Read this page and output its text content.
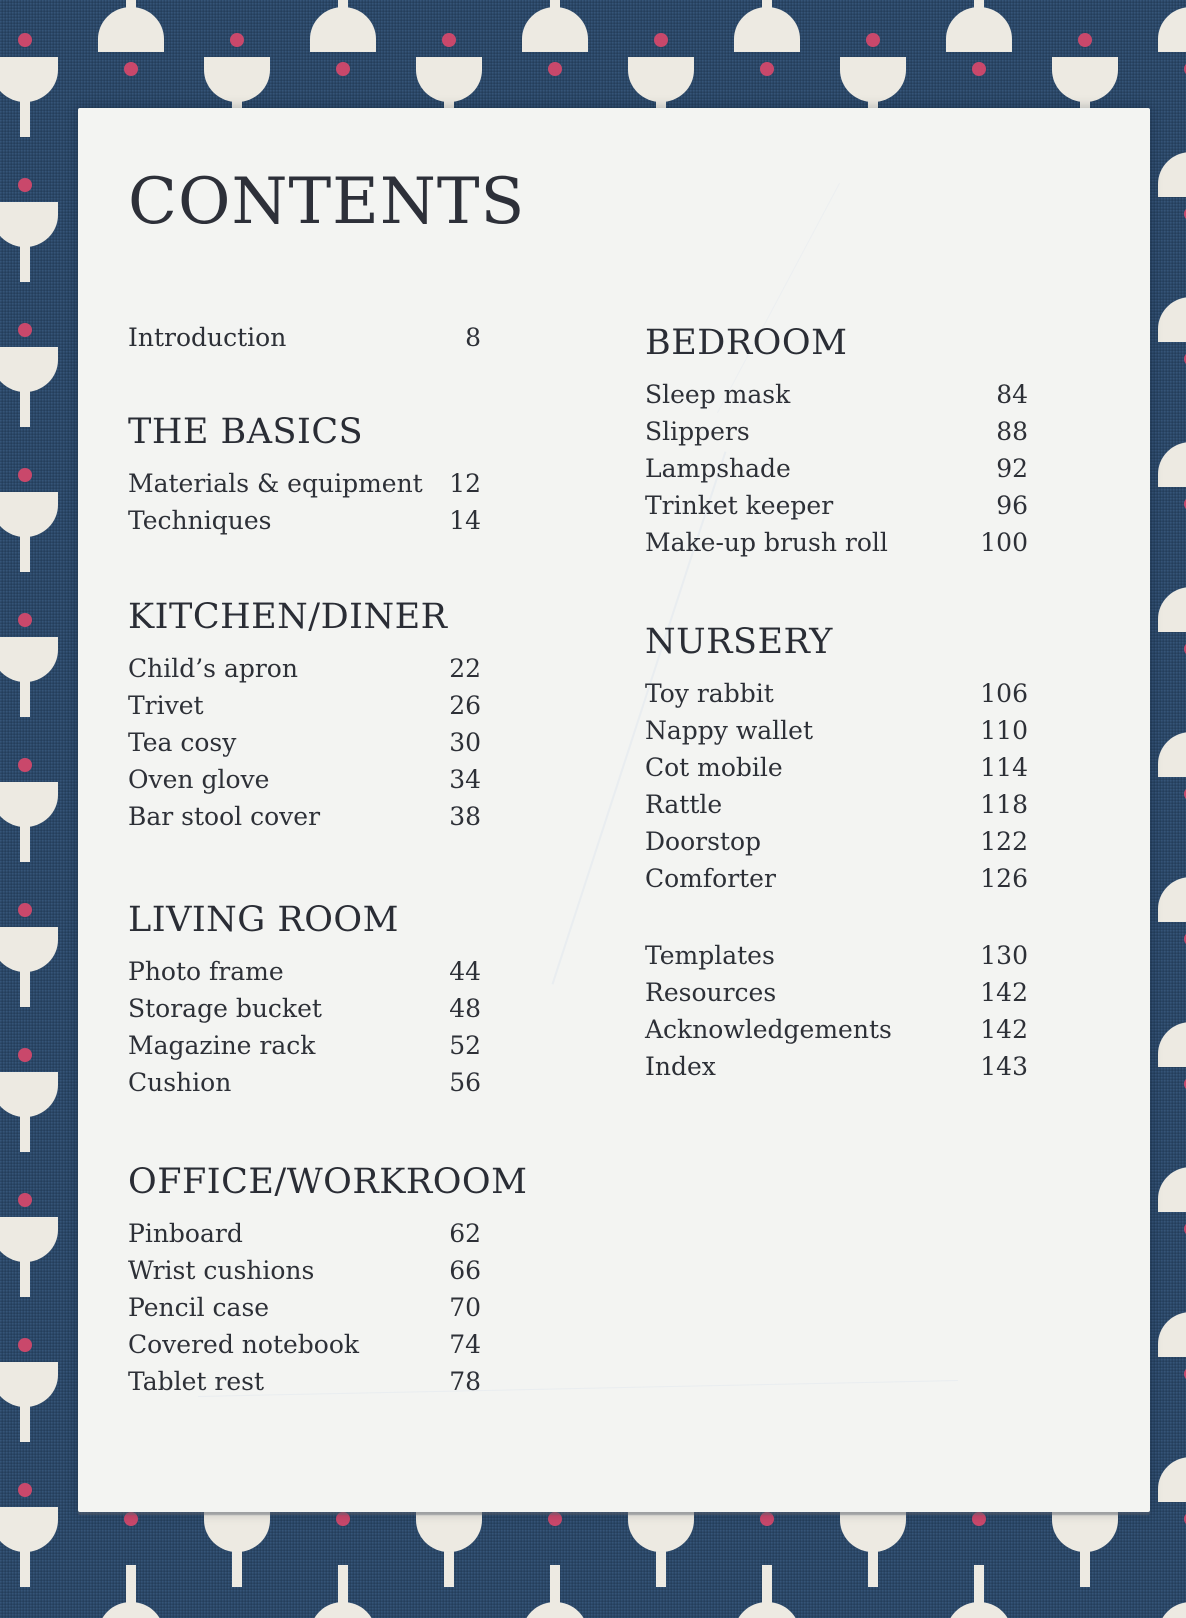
CONTENTS
Introduction	8
THE BASICS
Materials & equipment 12
Techniques	14
KITCHEN/DINER
Child’s apron	22
Trivet	26
Tea cosy	30
Oven glove	34
Bar stool cover	38
LIVING ROOM
Photo frame	44
Storage bucket	48
Magazine rack	52
Cushion	56
OFFICE/WORKROOM
Pinboard	62
Wrist cushions	66
Pencil case	70
Covered notebook	74
Tablet rest	78
BEDROOM
Sleep mask	84
Slippers	88
Lampshade	92
Trinket keeper	96
Make-up brush roll	100
NURSERY
Toy rabbit	106
Nappy wallet	110
Cot mobile	114
Rattle	118
Doorstop	122
Comforter	126
Templates	130
Resources	142
Acknowledgements	142
Index	143
